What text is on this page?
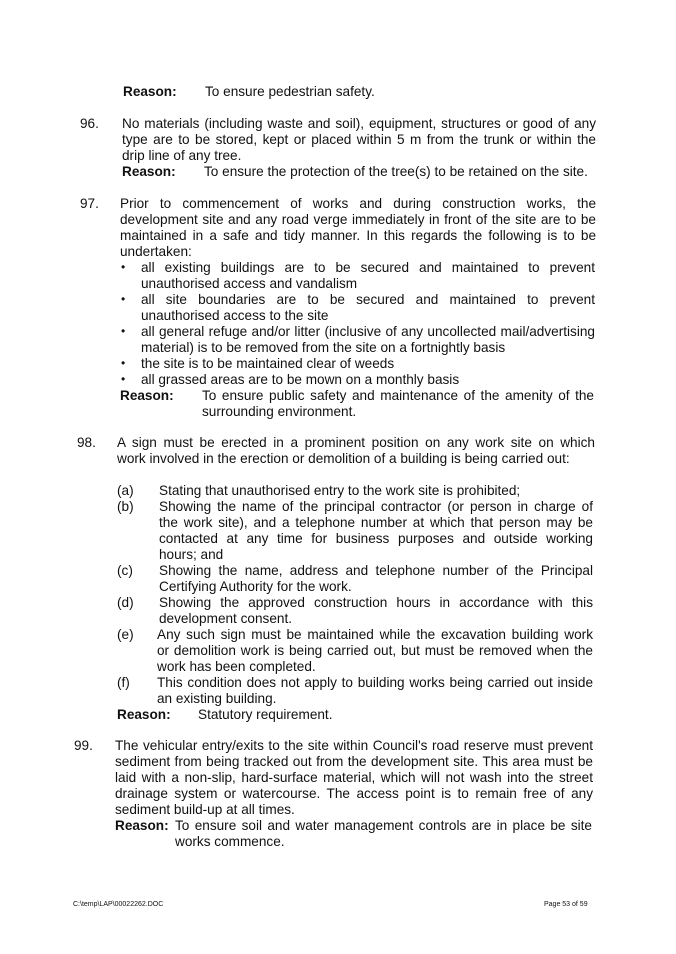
Reason: To ensure pedestrian safety.
96. No materials (including waste and soil), equipment, structures or good of any
type are to be stored, kept or placed within 5 m from the trunk or within the
drip line of any tree.
Reason: To ensure the protection of the tree(s) to be retained on the site.
97. Prior to commencement of works and during construction works, the
development site and any road verge immediately in front of the site are to be
maintained in a safe and tidy manner. In this regards the following is to be
undertaken:
• all existing buildings are to be secured and maintained to prevent
unauthorised access and vandalism
• all site boundaries are to be secured and maintained to prevent
unauthorised access to the site
• all general refuge and/or litter (inclusive of any uncollected mail/advertising
material) is to be removed from the site on a fortnightly basis
• the site is to be maintained clear of weeds
• all grassed areas are to be mown on a monthly basis
Reason: To ensure public safety and maintenance of the amenity of the
surrounding environment.
98. A sign must be erected in a prominent position on any work site on which
work involved in the erection or demolition of a building is being carried out:
(a) Stating that unauthorised entry to the work site is prohibited;
(b) Showing the name of the principal contractor (or person in charge of
the work site), and a telephone number at which that person may be
contacted at any time for business purposes and outside working
hours; and
(c) Showing the name, address and telephone number of the Principal
Certifying Authority for the work.
(d) Showing the approved construction hours in accordance with this
development consent.
(e) Any such sign must be maintained while the excavation building work
or demolition work is being carried out, but must be removed when the
work has been completed.
(f) This condition does not apply to building works being carried out inside
an existing building.
Reason: Statutory requirement.
99. The vehicular entry/exits to the site within Council's road reserve must prevent
sediment from being tracked out from the development site. This area must be
laid with a non-slip, hard-surface material, which will not wash into the street
drainage system or watercourse. The access point is to remain free of any
sediment build-up at all times.
Reason: To ensure soil and water management controls are in place be site
works commence.
C:\temp\LAP\00022262.DOC	Page 53 of 59
